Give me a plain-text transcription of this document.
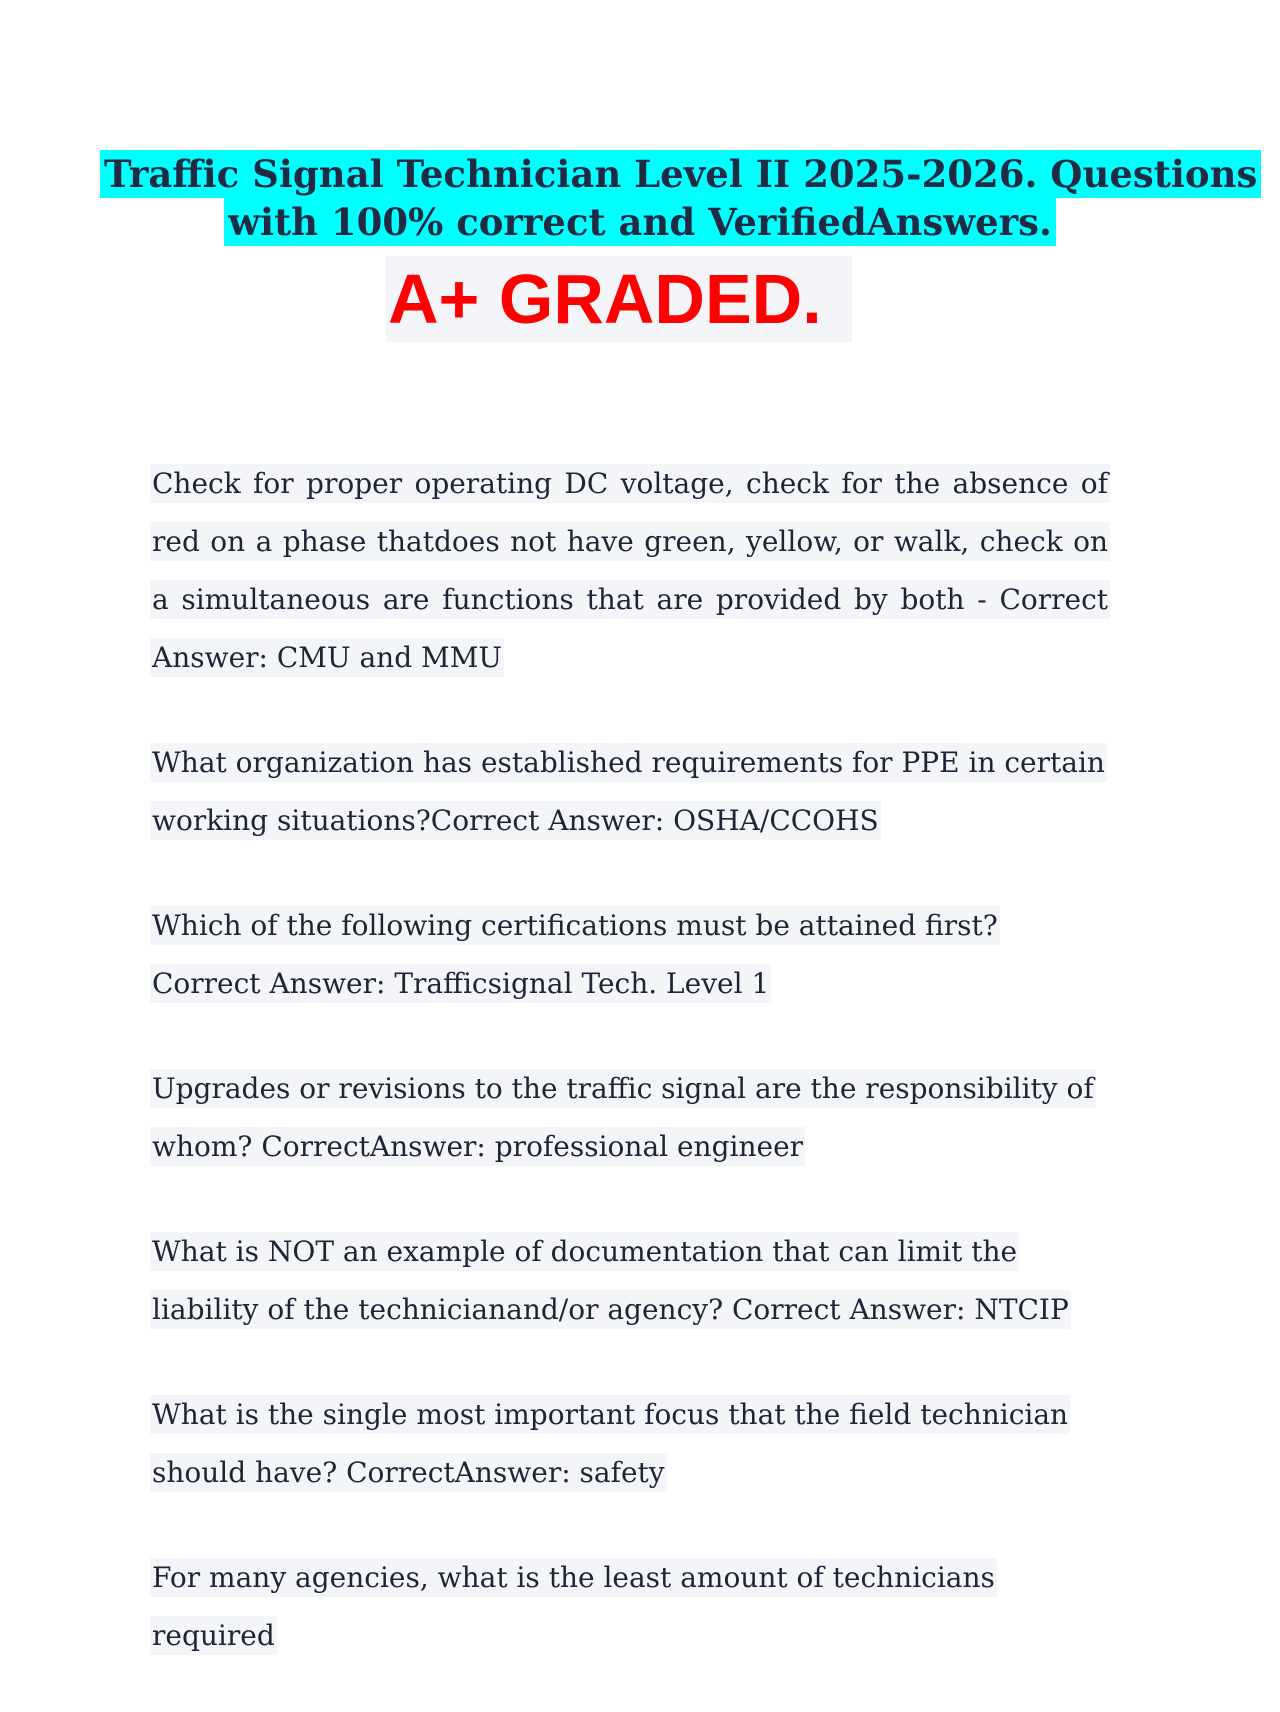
Traffic Signal Technician Level II 2025-2026. Questions
with 100% correct and VerifiedAnswers.
A+ GRADED.

Check for proper operating DC voltage, check for the absence of red on a phase thatdoes not have green, yellow, or walk, check on a simultaneous are functions that are provided by both - Correct Answer: CMU and MMU

What organization has established requirements for PPE in certain working situations?Correct Answer: OSHA/CCOHS

Which of the following certifications must be attained first? Correct Answer: Trafficsignal Tech. Level 1

Upgrades or revisions to the traffic signal are the responsibility of whom? CorrectAnswer: professional engineer

What is NOT an example of documentation that can limit the liability of the technicianand/or agency? Correct Answer: NTCIP

What is the single most important focus that the field technician should have? CorrectAnswer: safety

For many agencies, what is the least amount of technicians required
